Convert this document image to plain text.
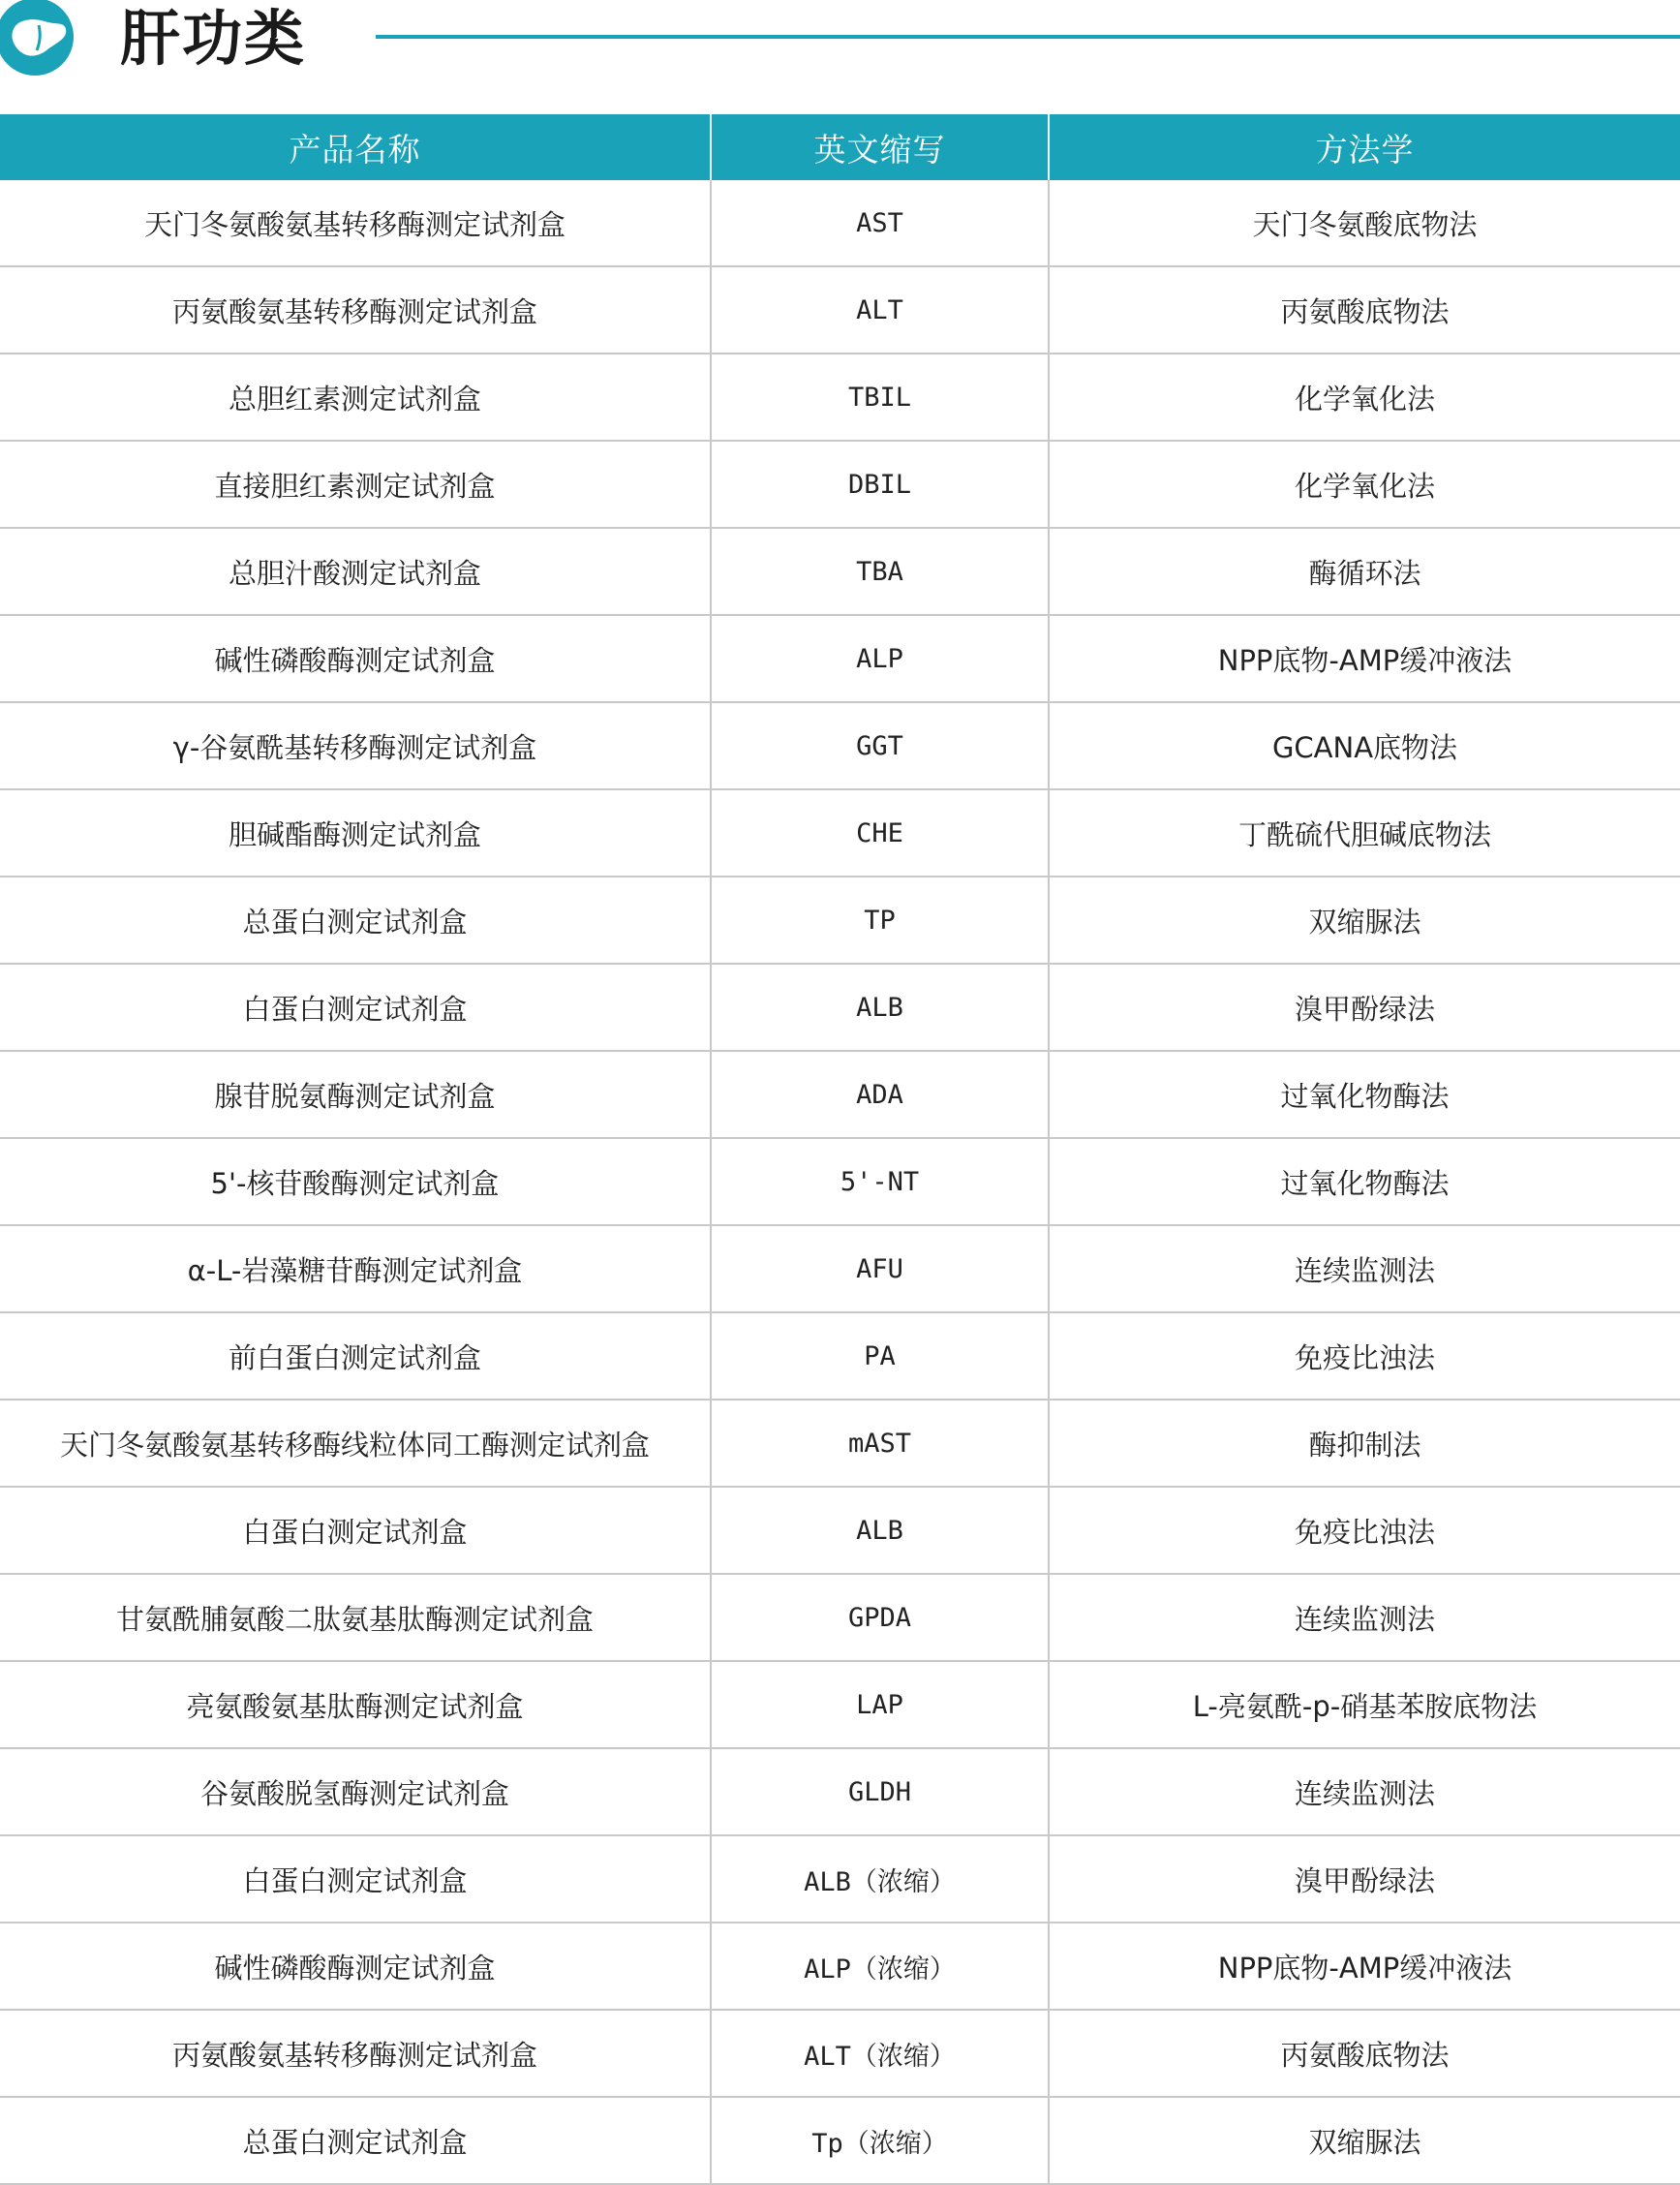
肝功类
产品名称	英文缩写	方法学
天门冬氨酸氨基转移酶测定试剂盒	AST	天门冬氨酸底物法
丙氨酸氨基转移酶测定试剂盒	ALT	丙氨酸底物法
总胆红素测定试剂盒	TBIL	化学氧化法
直接胆红素测定试剂盒	DBIL	化学氧化法
总胆汁酸测定试剂盒	TBA	酶循环法
碱性磷酸酶测定试剂盒	ALP	NPP底物-AMP缓冲液法
γ-谷氨酰基转移酶测定试剂盒	GGT	GCANA底物法
胆碱酯酶测定试剂盒	CHE	丁酰硫代胆碱底物法
总蛋白测定试剂盒	TP	双缩脲法
白蛋白测定试剂盒	ALB	溴甲酚绿法
腺苷脱氨酶测定试剂盒	ADA	过氧化物酶法
5'-核苷酸酶测定试剂盒	5'-NT	过氧化物酶法
α-L-岩藻糖苷酶测定试剂盒	AFU	连续监测法
前白蛋白测定试剂盒	PA	免疫比浊法
天门冬氨酸氨基转移酶线粒体同工酶测定试剂盒	mAST	酶抑制法
白蛋白测定试剂盒	ALB	免疫比浊法
甘氨酰脯氨酸二肽氨基肽酶测定试剂盒	GPDA	连续监测法
亮氨酸氨基肽酶测定试剂盒	LAP	L-亮氨酰-p-硝基苯胺底物法
谷氨酸脱氢酶测定试剂盒	GLDH	连续监测法
白蛋白测定试剂盒	ALB（浓缩）	溴甲酚绿法
碱性磷酸酶测定试剂盒	ALP（浓缩）	NPP底物-AMP缓冲液法
丙氨酸氨基转移酶测定试剂盒	ALT（浓缩）	丙氨酸底物法
总蛋白测定试剂盒	Tp（浓缩）	双缩脲法
